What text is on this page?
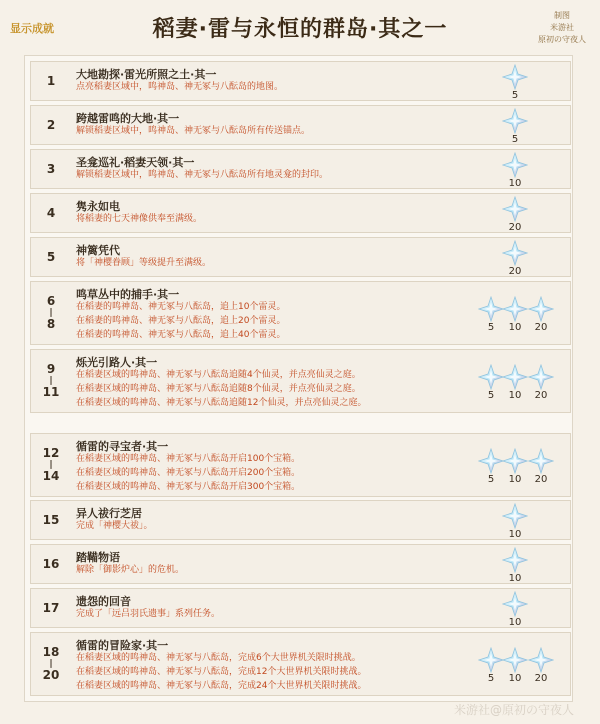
显示成就	稻妻·雷与永恒的群岛·其之一
制图
米游社
原初の守夜人
1 大地勘探·雷光所照之土·其一
点亮稻妻区域中，鸣神岛、神无冢与八酝岛的地图。
5
2 跨越雷鸣的大地·其一
解锁稻妻区域中，鸣神岛、神无冢与八酝岛所有传送锚点。
5
3 圣龛巡礼·稻妻天领·其一
解锁稻妻区域中，鸣神岛、神无冢与八酝岛所有地灵龛的封印。
10
4 隽永如电
将稻妻的七天神像供奉至满级。
20
5 神篱凭代
将「神樱眷顾」等级提升至满级。
20
6
|
8
鸣草丛中的捕手·其一
在稻妻的鸣神岛、神无冢与八酝岛，追上10个雷灵。
在稻妻的鸣神岛、神无冢与八酝岛，追上20个雷灵。
在稻妻的鸣神岛、神无冢与八酝岛，追上40个雷灵。
5	10	20
9
|
11
烁光引路人·其一
在稻妻区域的鸣神岛、神无冢与八酝岛追随4个仙灵，并点亮仙灵之庭。
在稻妻区域的鸣神岛、神无冢与八酝岛追随8个仙灵，并点亮仙灵之庭。
在稻妻区域的鸣神岛、神无冢与八酝岛追随12个仙灵，并点亮仙灵之庭。
5	10	20
12
|
14
循雷的寻宝者·其一
在稻妻区域的鸣神岛、神无冢与八酝岛开启100个宝箱。
在稻妻区域的鸣神岛、神无冢与八酝岛开启200个宝箱。
在稻妻区域的鸣神岛、神无冢与八酝岛开启300个宝箱。
5	10	20
15 异人祓行芝居
完成「神樱大祓」。
10
16 踏鞴物语
解除「御影炉心」的危机。
10
17 遗怨的回音
完成了「远吕羽氏遗事」系列任务。
10
18
|
20
循雷的冒险家·其一
在稻妻区域的鸣神岛、神无冢与八酝岛，完成6个大世界机关限时挑战。
在稻妻区域的鸣神岛、神无冢与八酝岛，完成12个大世界机关限时挑战。
在稻妻区域的鸣神岛、神无冢与八酝岛，完成24个大世界机关限时挑战。
5	10	20
米游社@原初の守夜人
